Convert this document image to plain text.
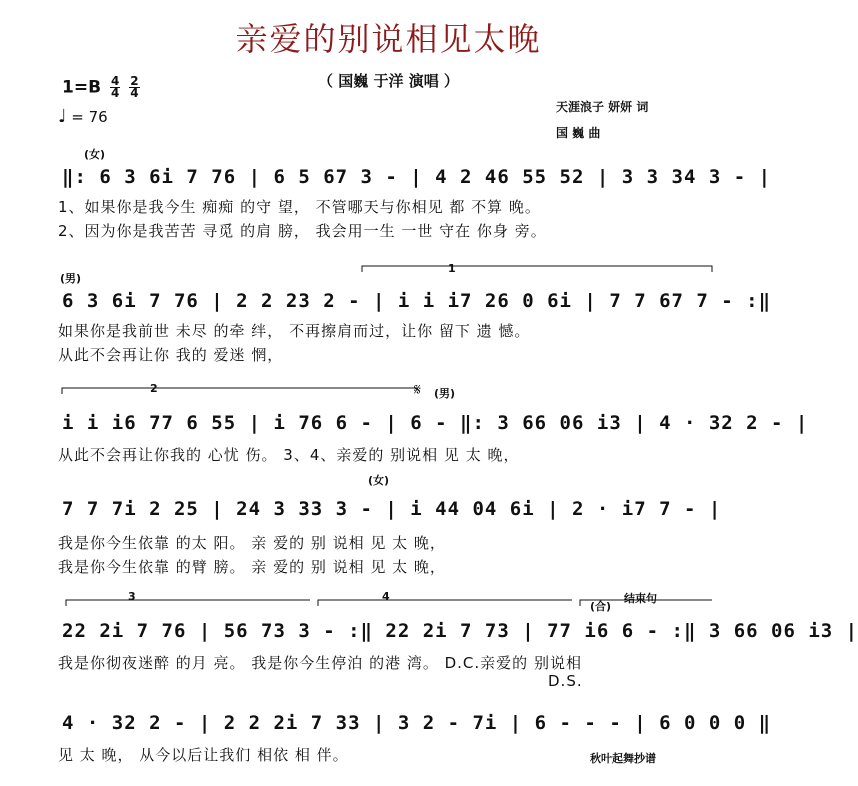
亲爱的别说相见太晚
（ 国巍 于洋 演唱 ）
$1=B \frac{4}{4}$
$\frac{2}{4}$
♩ = 76
天涯浪子 妍妍 词
国 巍 曲
(女)
(男)
(男)
(女)
(合)
1
2
3	4
𝄋
结束句
‖: 6 3 6i 7 76 | 6 5 67 3 - | 4 2 46 55 52 | 3 3 34 3 - |
1、如果你是我今生 痴痴 的守 望， 不管哪天与你相见 都 不算 晚。
2、因为你是我苦苦 寻觅 的肩 膀， 我会用一生 一世 守在 你身 旁。
6 3 6i 7 76 | 2 2 23 2 - | i i i7 26 0 6i | 7 7 67 7 - :‖
如果你是我前世 未尽 的牵 绊， 不再擦肩而过，让你 留下 遗 憾。
从此不会再让你 我的 爱迷 惘，
i i i6 77 6 55 | i 76 6 - | 6 - ‖: 3 66 06 i3 | 4 · 32 2 - |
从此不会再让你我的 心忧 伤。 3、4、亲爱的 别说相 见 太 晚，
7 7 7i 2 25 | 24 3 33 3 - | i 44 04 6i | 2 · i7 7 - |
我是你今生依靠 的太 阳。 亲 爱的 别 说相 见 太 晚，
我是你今生依靠 的臂 膀。 亲 爱的 别 说相 见 太 晚，
22 2i 7 76 | 56 73 3 - :‖ 22 2i 7 73 | 77 i6 6 - :‖ 3 66 06 i3 |
我是你彻夜迷醉 的月 亮。 我是你今生停泊 的港 湾。 D.C.亲爱的 别说相
D.S.
4 · 32 2 - | 2 2 2i 7 33 | 3 2 - 7i | 6 - - - | 6 0 0 0 ‖
见 太 晚， 从今以后让我们 相依 相 伴。	秋叶起舞抄谱
